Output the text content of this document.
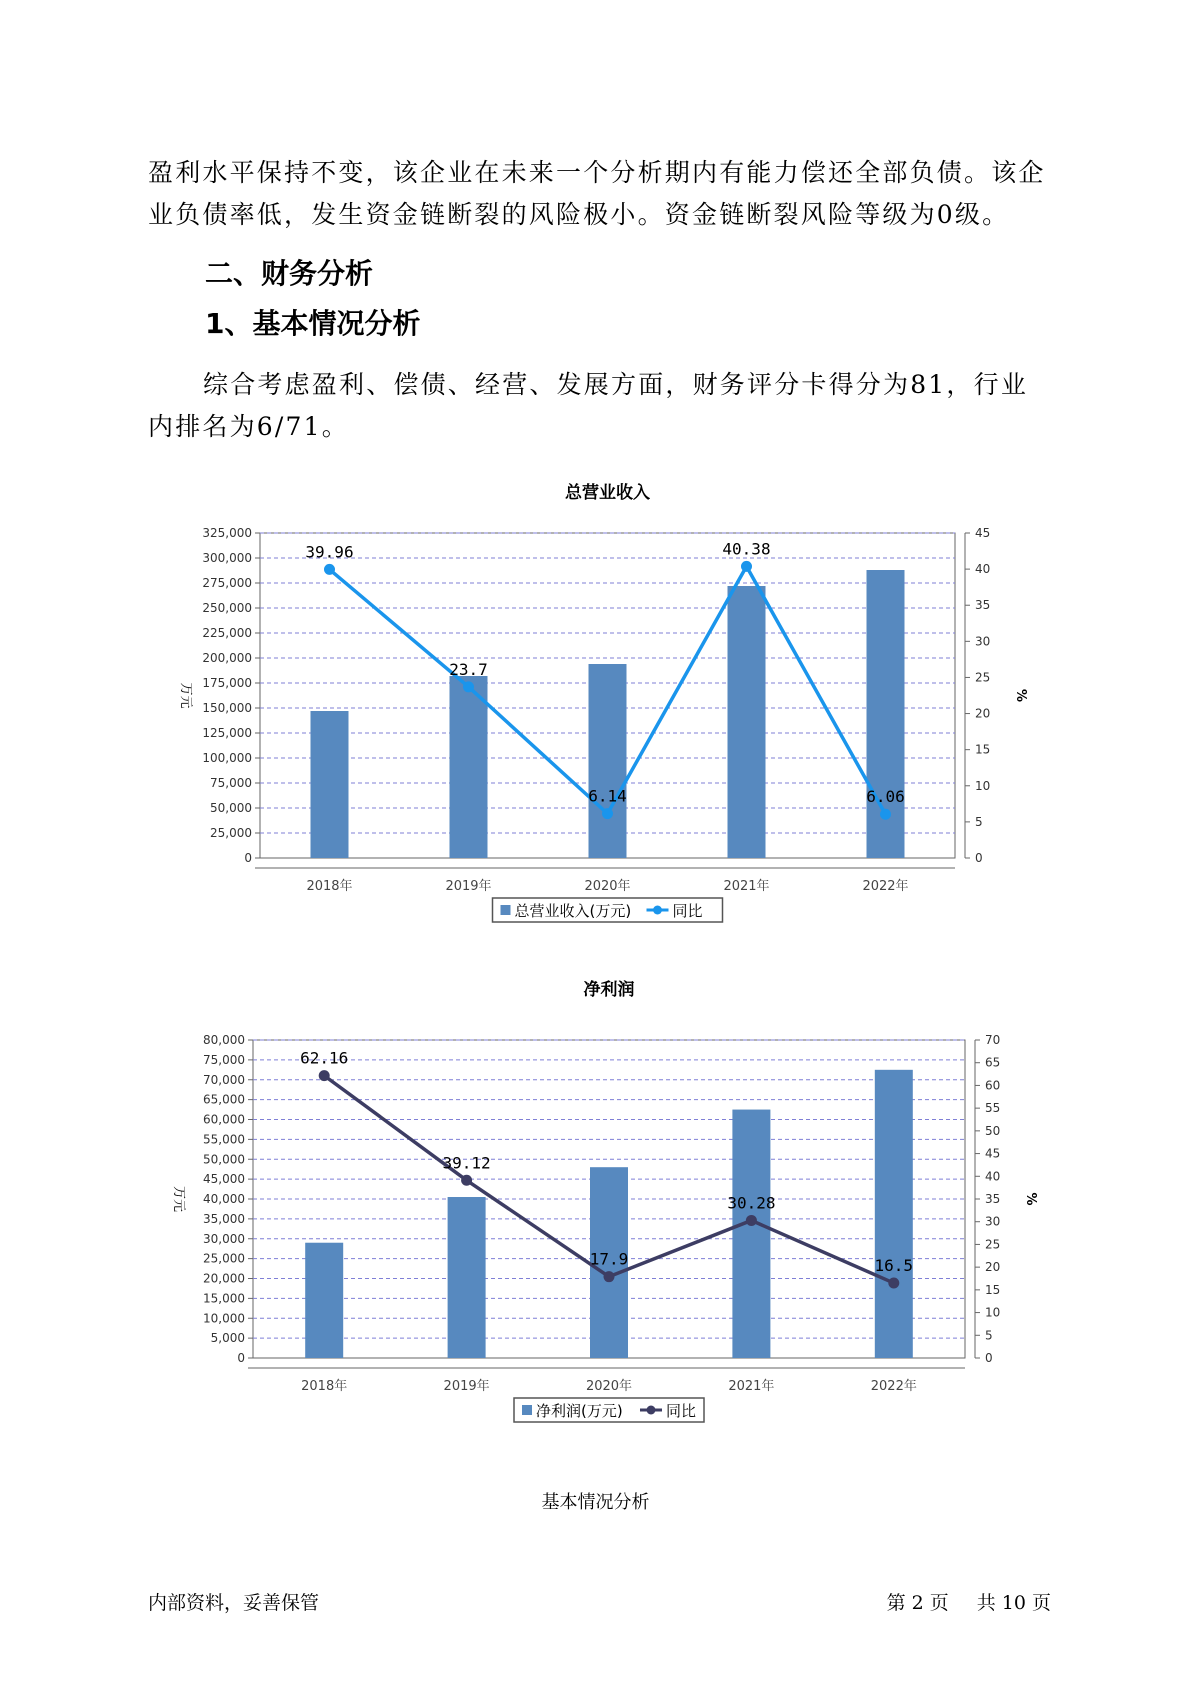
盈利水平保持不变，该企业在未来一个分析期内有能力偿还全部负债。该企业负债率低，发生资金链断裂的风险极小。资金链断裂风险等级为0级。

二、财务分析
1、基本情况分析

综合考虑盈利、偿债、经营、发展方面，财务评分卡得分为81，行业内排名为6/71。

总营业收入
0
25,000
50,000
75,000
100,000
125,000
150,000
175,000
200,000
225,000
250,000
275,000
300,000
325,000
0
5
10
15
20
25
30
35
40
45
万元	%
2018年	2019年	2020年	2021年	2022年
39.96
23.7
6.14
40.38
6.06
总营业收入(万元)	同比
净利润
0
5,000
10,000
15,000
20,000
25,000
30,000
35,000
40,000
45,000
50,000
55,000
60,000
65,000
70,000
75,000
80,000
0
5
10
15
20
25
30
35
40
45
50
55
60
65
70
万元	%
2018年	2019年	2020年	2021年	2022年
62.16
39.12
17.9
30.28
16.5
净利润(万元)	同比
基本情况分析
内部资料，妥善保管	第 2 页 共 10 页
